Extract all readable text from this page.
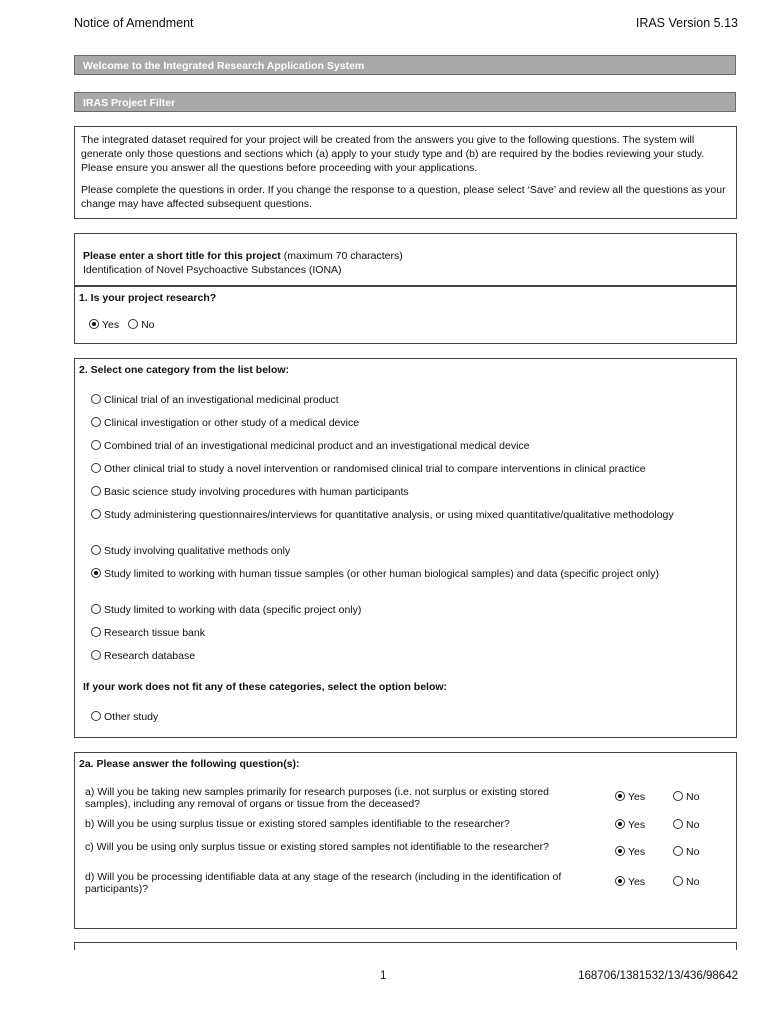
Notice of Amendment	IRAS Version 5.13
Welcome to the Integrated Research Application System
IRAS Project Filter

The integrated dataset required for your project will be created from the answers you give to the following questions. The system will generate only those questions and sections which (a) apply to your study type and (b) are required by the bodies reviewing your study. Please ensure you answer all the questions before proceeding with your applications.

Please complete the questions in order. If you change the response to a question, please select ‘Save’ and review all the questions as your change may have affected subsequent questions.

Please enter a short title for this project (maximum 70 characters)
Identification of Novel Psychoactive Substances (IONA)
1. Is your project research?
Yes No
2. Select one category from the list below:
Clinical trial of an investigational medicinal product
Clinical investigation or other study of a medical device
Combined trial of an investigational medicinal product and an investigational medical device
Other clinical trial to study a novel intervention or randomised clinical trial to compare interventions in clinical practice
Basic science study involving procedures with human participants
Study administering questionnaires/interviews for quantitative analysis, or using mixed quantitative/qualitative methodology
Study involving qualitative methods only
Study limited to working with human tissue samples (or other human biological samples) and data (specific project only)
Study limited to working with data (specific project only)
Research tissue bank
Research database
If your work does not fit any of these categories, select the option below:
Other study
2a. Please answer the following question(s):
a) Will you be taking new samples primarily for research purposes (i.e. not surplus or existing stored samples), including any removal of organs or tissue from the deceased?
Yes	No
b) Will you be using surplus tissue or existing stored samples identifiable to the researcher?	Yes	No
c) Will you be using only surplus tissue or existing stored samples not identifiable to the researcher?	Yes	No
d) Will you be processing identifiable data at any stage of the research (including in the identification of participants)?
Yes	No
1	168706/1381532/13/436/98642
